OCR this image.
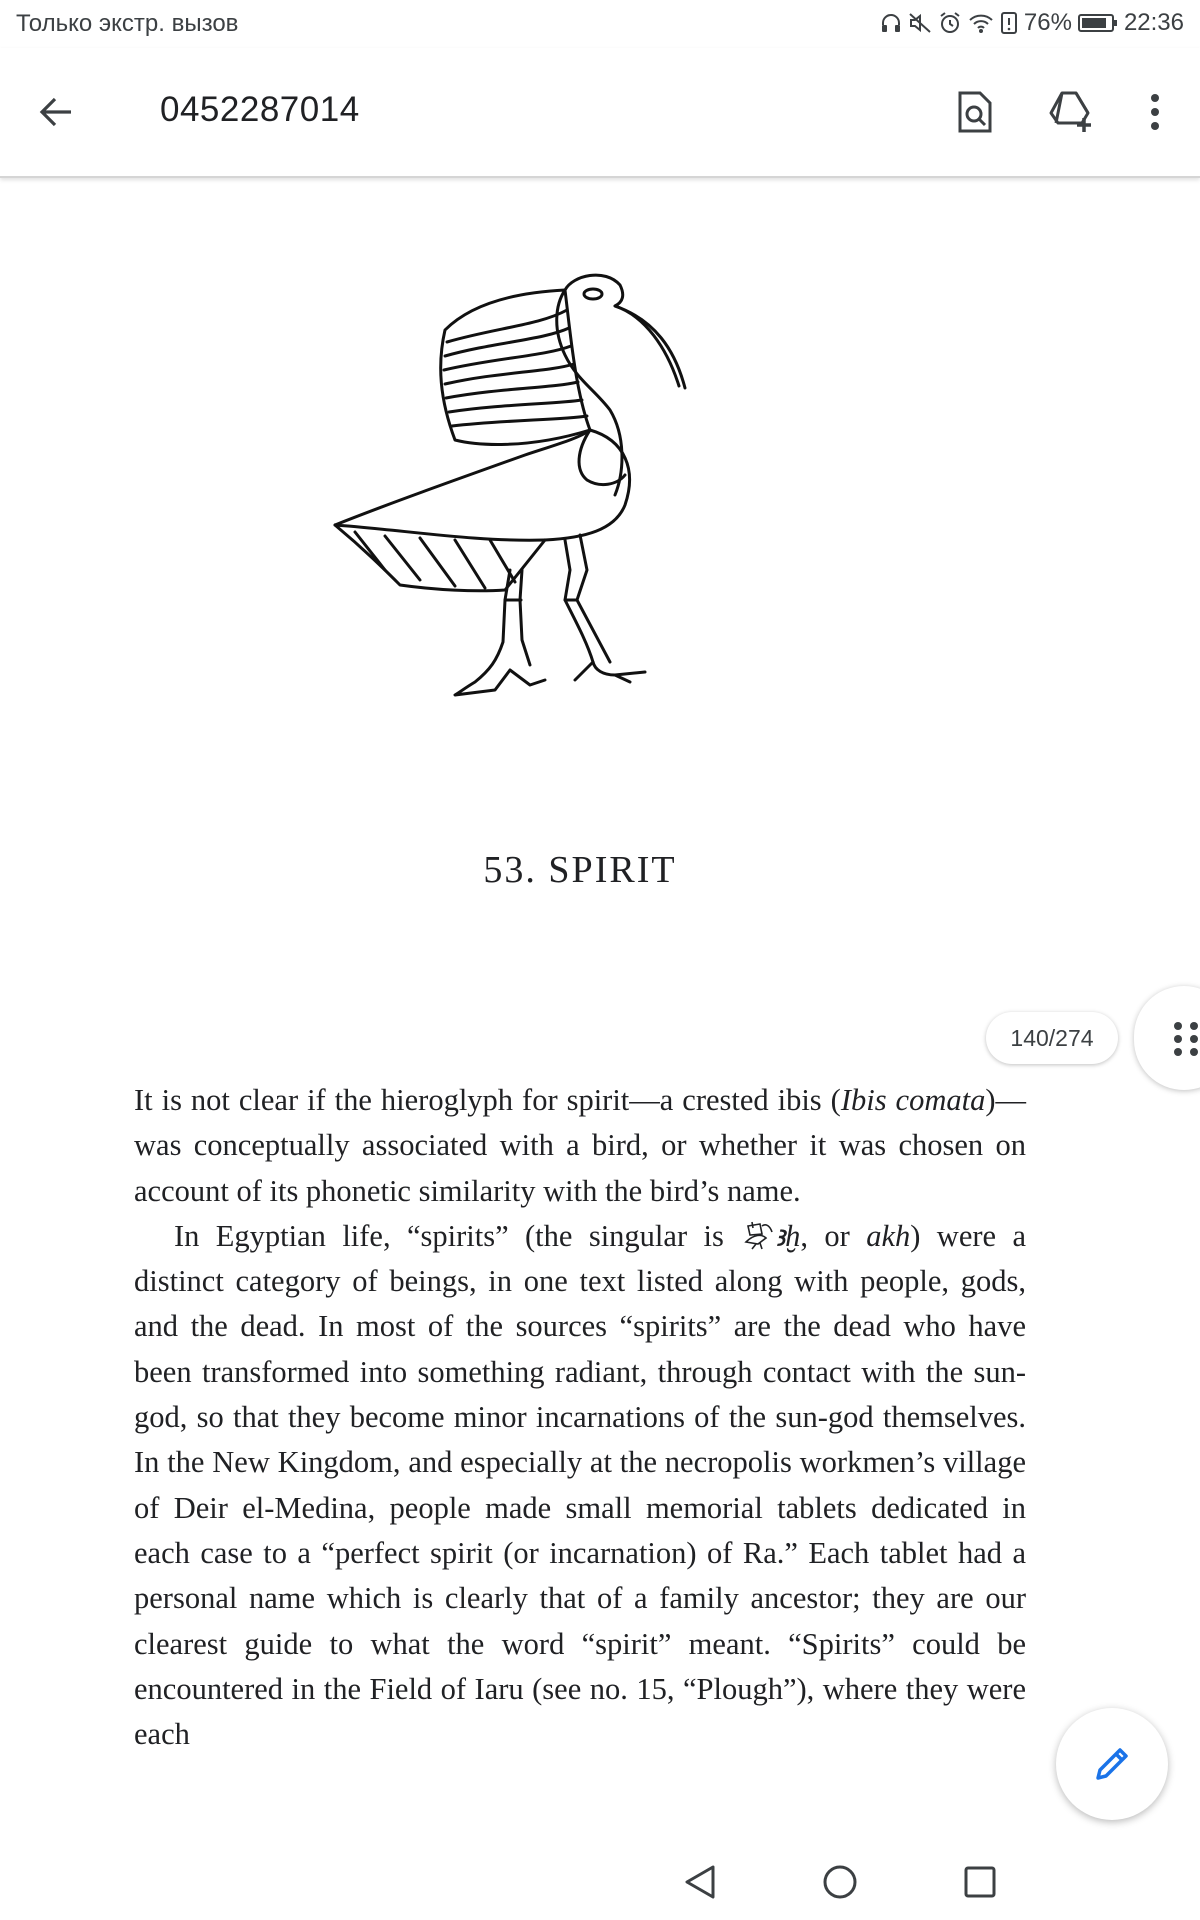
Только экстр. вызов	76% 22:36
0452287014
53. SPIRIT

It is not clear if the hieroglyph for spirit—a crested ibis (Ibis comata)—was conceptually associated with a bird, or whether it was chosen on account of its phonetic similarity with the bird’s name.

In Egyptian life, “spirits” (the singular is ꜣḫ, or akh) were a distinct category of beings, in one text listed along with people, gods, and the dead. In most of the sources “spirits” are the dead who have been transformed into something radiant, through contact with the sun-god, so that they become minor incarnations of the sun-god themselves. In the New Kingdom, and especially at the necropolis workmen’s village of Deir el-Medina, people made small memorial tablets dedicated in each case to a “perfect spirit (or incarnation) of Ra.” Each tablet had a personal name which is clearly that of a family ancestor; they are our clearest guide to what the word “spirit” meant. “Spirits” could be encountered in the Field of Iaru (see no. 15, “Plough”), where they were each

140/274
